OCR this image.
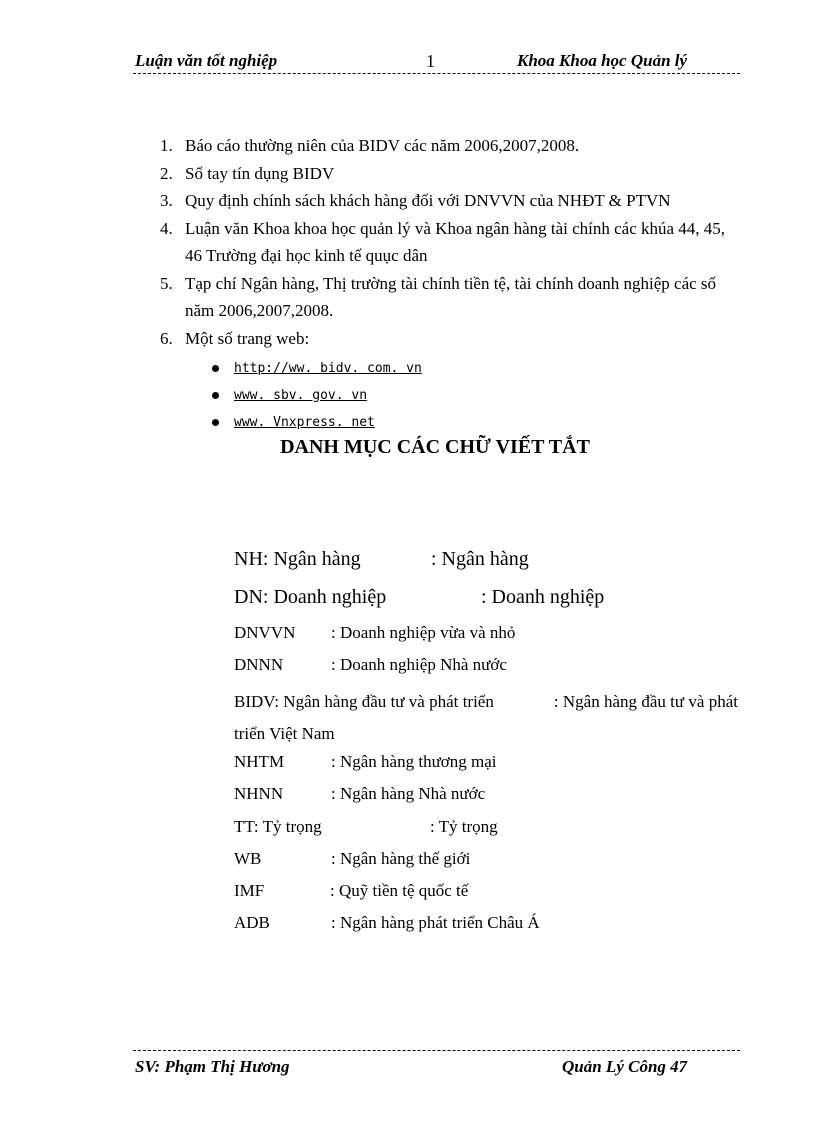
Luận văn tốt nghiệp	1	Khoa Khoa học Quản lý
1. Báo cáo thường niên của BIDV các năm 2006,2007,2008.
2. Sổ tay tín dụng BIDV
3. Quy định chính sách khách hàng đối với DNVVN của NHĐT & PTVN
4. Luận văn Khoa khoa học quản lý và Khoa ngân hàng tài chính các khúa 44, 45, 46 Trường đại học kinh tế quục dân
5. Tạp chí Ngân hàng, Thị trường tài chính tiền tệ, tài chính doanh nghiệp các số năm 2006,2007,2008.
6. Một số trang web:
http://ww. bidv. com. vn
www. sbv. gov. vn
www. Vnxpress. net
DANH MỤC CÁC CHỮ VIẾT TẮT
NH: Ngân hàng	: Ngân hàng
DN: Doanh nghiệp	: Doanh nghiệp
DNVVN : Doanh nghiệp vừa và nhỏ
DNNN	: Doanh nghiệp Nhà nước
BIDV: Ngân hàng đầu tư và phát triển              : Ngân hàng đầu tư và phát triển Việt Nam
NHTM	: Ngân hàng thương mại
NHNN	: Ngân hàng Nhà nước
TT: Tỷ trọng	: Tỷ trọng
WB	: Ngân hàng thế giới
IMF	: Quỹ tiền tệ quốc tế
ADB	: Ngân hàng phát triển Châu Á
SV: Phạm Thị Hương	Quản Lý Công 47
